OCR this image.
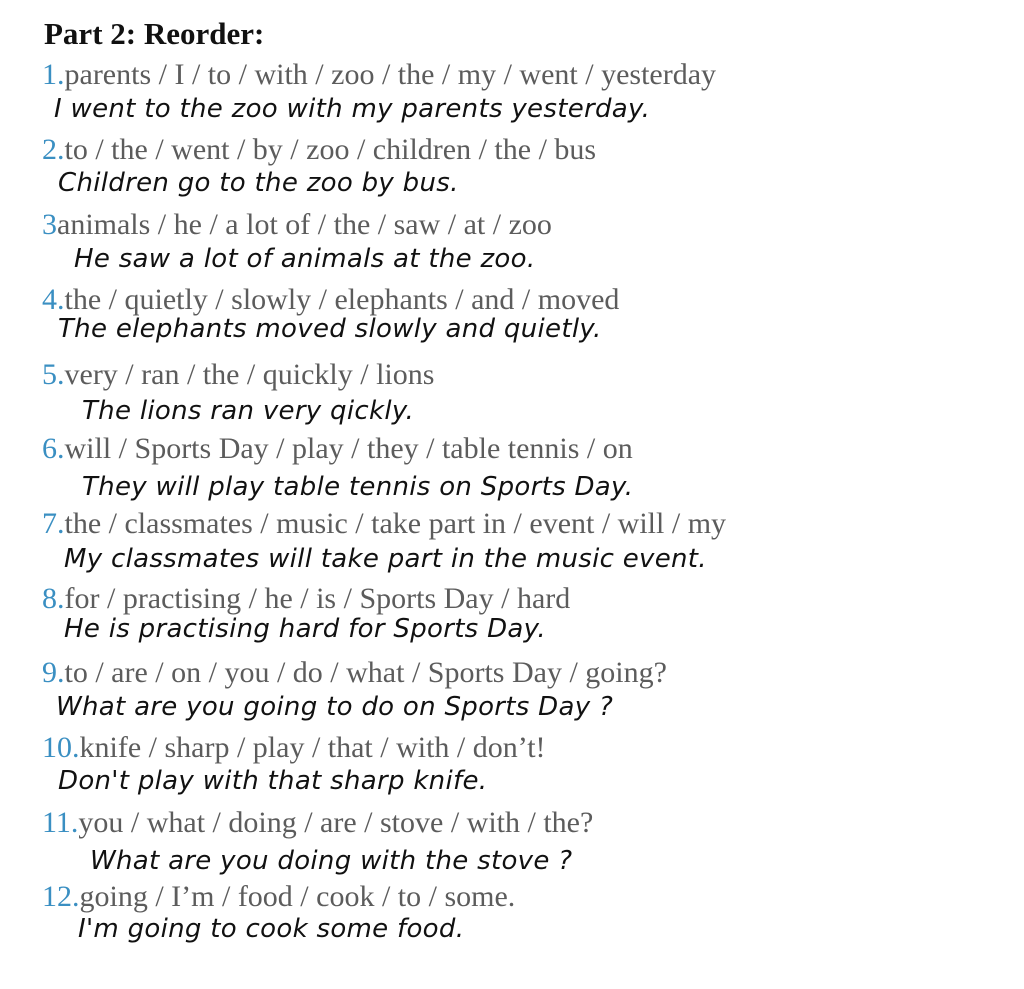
Part 2: Reorder:
1.parents / I / to / with / zoo / the / my / went / yesterday
I went to the zoo with my parents yesterday.
2.to / the / went / by / zoo / children / the / bus
Children go to the zoo by bus.
3animals / he / a lot of / the / saw / at / zoo
He saw a lot of animals at the zoo.
4.the / quietly / slowly / elephants / and / moved
The elephants moved slowly and quietly.
5.very / ran / the / quickly / lions
The lions ran very qickly.
6.will / Sports Day / play / they / table tennis / on
They will play table tennis on Sports Day.
7.the / classmates / music / take part in / event / will / my
My classmates will take part in the music event.
8.for / practising / he / is / Sports Day / hard
He is practising hard for Sports Day.
9.to / are / on / you / do / what / Sports Day / going?
What are you going to do on Sports Day ?
10.knife / sharp / play / that / with / don’t!
Don't play with that sharp knife.
11.you / what / doing / are / stove / with / the?
What are you doing with the stove ?
12.going / I’m / food / cook / to / some.
I'm going to cook some food.
